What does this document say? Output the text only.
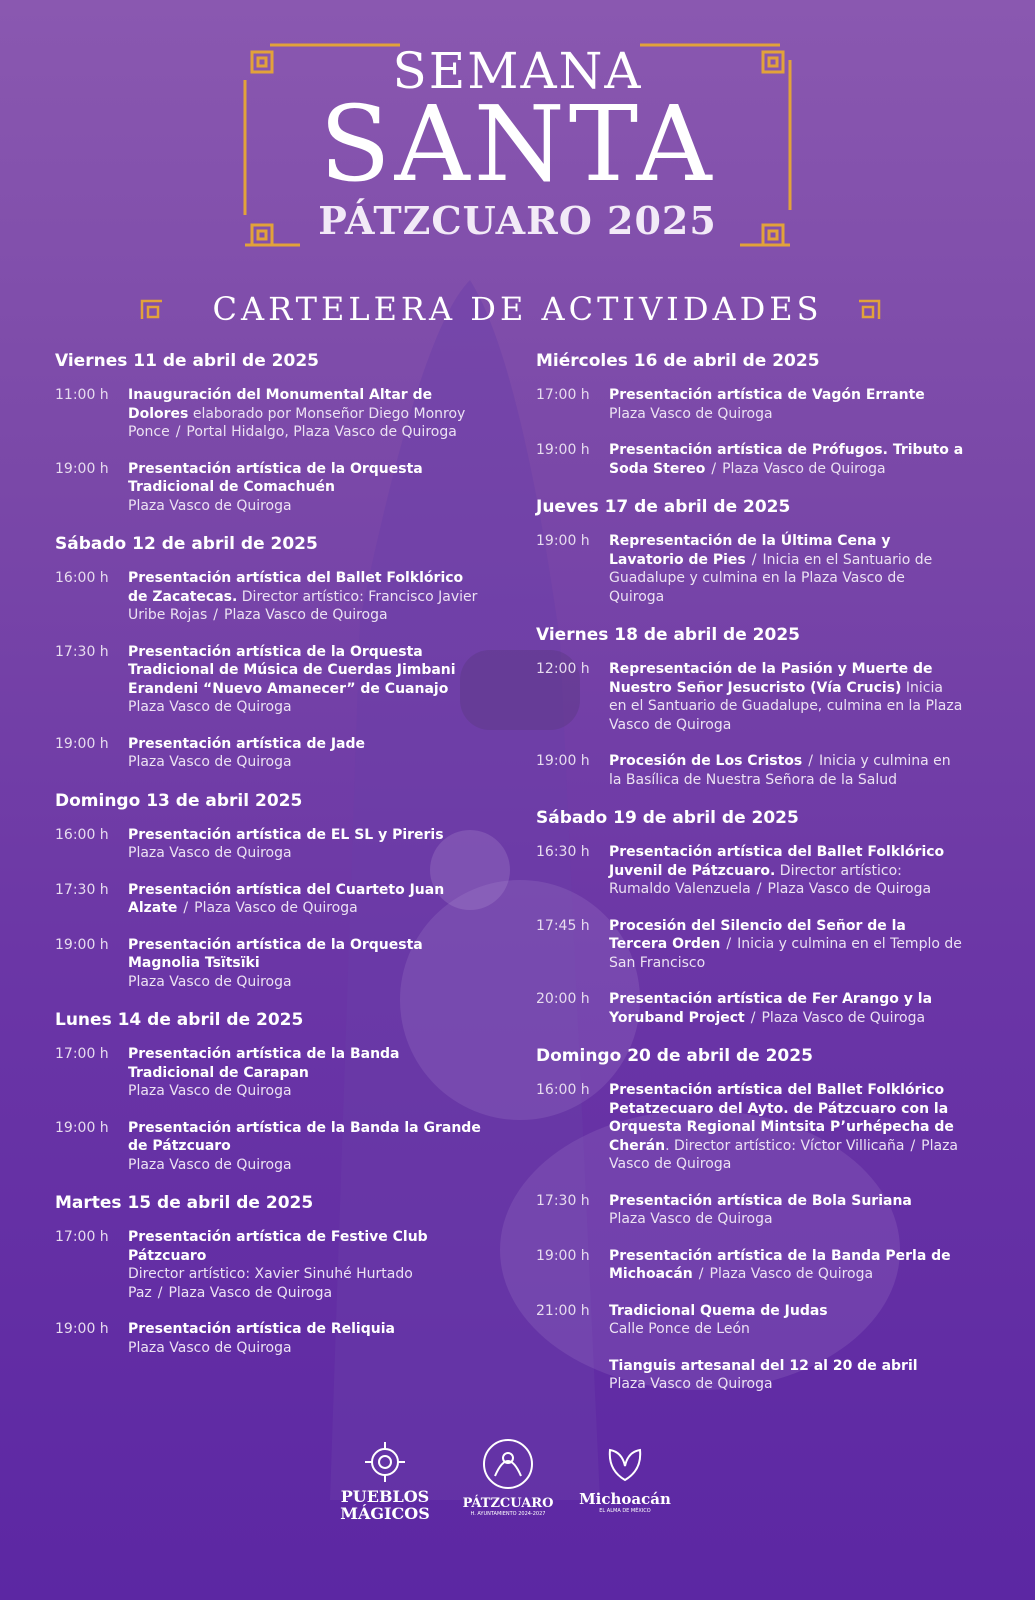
SEMANA
SANTA
PÁTZCUARO 2025
CARTELERA DE ACTIVIDADES
Viernes 11 de abril de 2025
11:00 h	Inauguración del Monumental Altar de Dolores elaborado por Monseñor Diego Monroy Ponce / Portal Hidalgo, Plaza Vasco de Quiroga
19:00 h	Presentación artística de la Orquesta Tradicional de Comachuén
Plaza Vasco de Quiroga
Sábado 12 de abril de 2025
16:00 h	Presentación artística del Ballet Folklórico de Zacatecas. Director artístico: Francisco Javier Uribe Rojas / Plaza Vasco de Quiroga
17:30 h	Presentación artística de la Orquesta Tradicional de Música de Cuerdas Jimbani Erandeni “Nuevo Amanecer” de Cuanajo
Plaza Vasco de Quiroga
19:00 h	Presentación artística de Jade
Plaza Vasco de Quiroga
Domingo 13 de abril 2025
16:00 h	Presentación artística de EL SL y Pireris
Plaza Vasco de Quiroga
17:30 h	Presentación artística del Cuarteto Juan Alzate / Plaza Vasco de Quiroga
19:00 h	Presentación artística de la Orquesta Magnolia Tsïtsïki
Plaza Vasco de Quiroga
Lunes 14 de abril de 2025
17:00 h	Presentación artística de la Banda Tradicional de Carapan
Plaza Vasco de Quiroga
19:00 h	Presentación artística de la Banda la Grande de Pátzcuaro
Plaza Vasco de Quiroga
Martes 15 de abril de 2025
17:00 h	Presentación artística de Festive Club Pátzcuaro
Director artístico: Xavier Sinuhé Hurtado Paz / Plaza Vasco de Quiroga
19:00 h	Presentación artística de Reliquia
Plaza Vasco de Quiroga
Miércoles 16 de abril de 2025
17:00 h	Presentación artística de Vagón Errante
Plaza Vasco de Quiroga
19:00 h	Presentación artística de Prófugos. Tributo a Soda Stereo / Plaza Vasco de Quiroga
Jueves 17 de abril de 2025
19:00 h	Representación de la Última Cena y Lavatorio de Pies / Inicia en el Santuario de Guadalupe y culmina en la Plaza Vasco de Quiroga
Viernes 18 de abril de 2025
12:00 h	Representación de la Pasión y Muerte de Nuestro Señor Jesucristo (Vía Crucis) Inicia en el Santuario de Guadalupe, culmina en la Plaza Vasco de Quiroga
19:00 h	Procesión de Los Cristos / Inicia y culmina en la Basílica de Nuestra Señora de la Salud
Sábado 19 de abril de 2025
16:30 h	Presentación artística del Ballet Folklórico Juvenil de Pátzcuaro. Director artístico: Rumaldo Valenzuela / Plaza Vasco de Quiroga
17:45 h	Procesión del Silencio del Señor de la Tercera Orden / Inicia y culmina en el Templo de San Francisco
20:00 h	Presentación artística de Fer Arango y la Yoruband Project / Plaza Vasco de Quiroga
Domingo 20 de abril de 2025
16:00 h	Presentación artística del Ballet Folklórico Petatzecuaro del Ayto. de Pátzcuaro con la Orquesta Regional Mintsita P’urhépecha de Cherán. Director artístico: Víctor Villicaña / Plaza Vasco de Quiroga
17:30 h	Presentación artística de Bola Suriana
Plaza Vasco de Quiroga
19:00 h	Presentación artística de la Banda Perla de Michoacán / Plaza Vasco de Quiroga
21:00 h	Tradicional Quema de Judas
Calle Ponce de León
Tianguis artesanal del 12 al 20 de abril
Plaza Vasco de Quiroga
PUEBLOS MÁGICOS
PÁTZCUARO
H. AYUNTAMIENTO 2024-2027
Michoacán
EL ALMA DE MÉXICO
